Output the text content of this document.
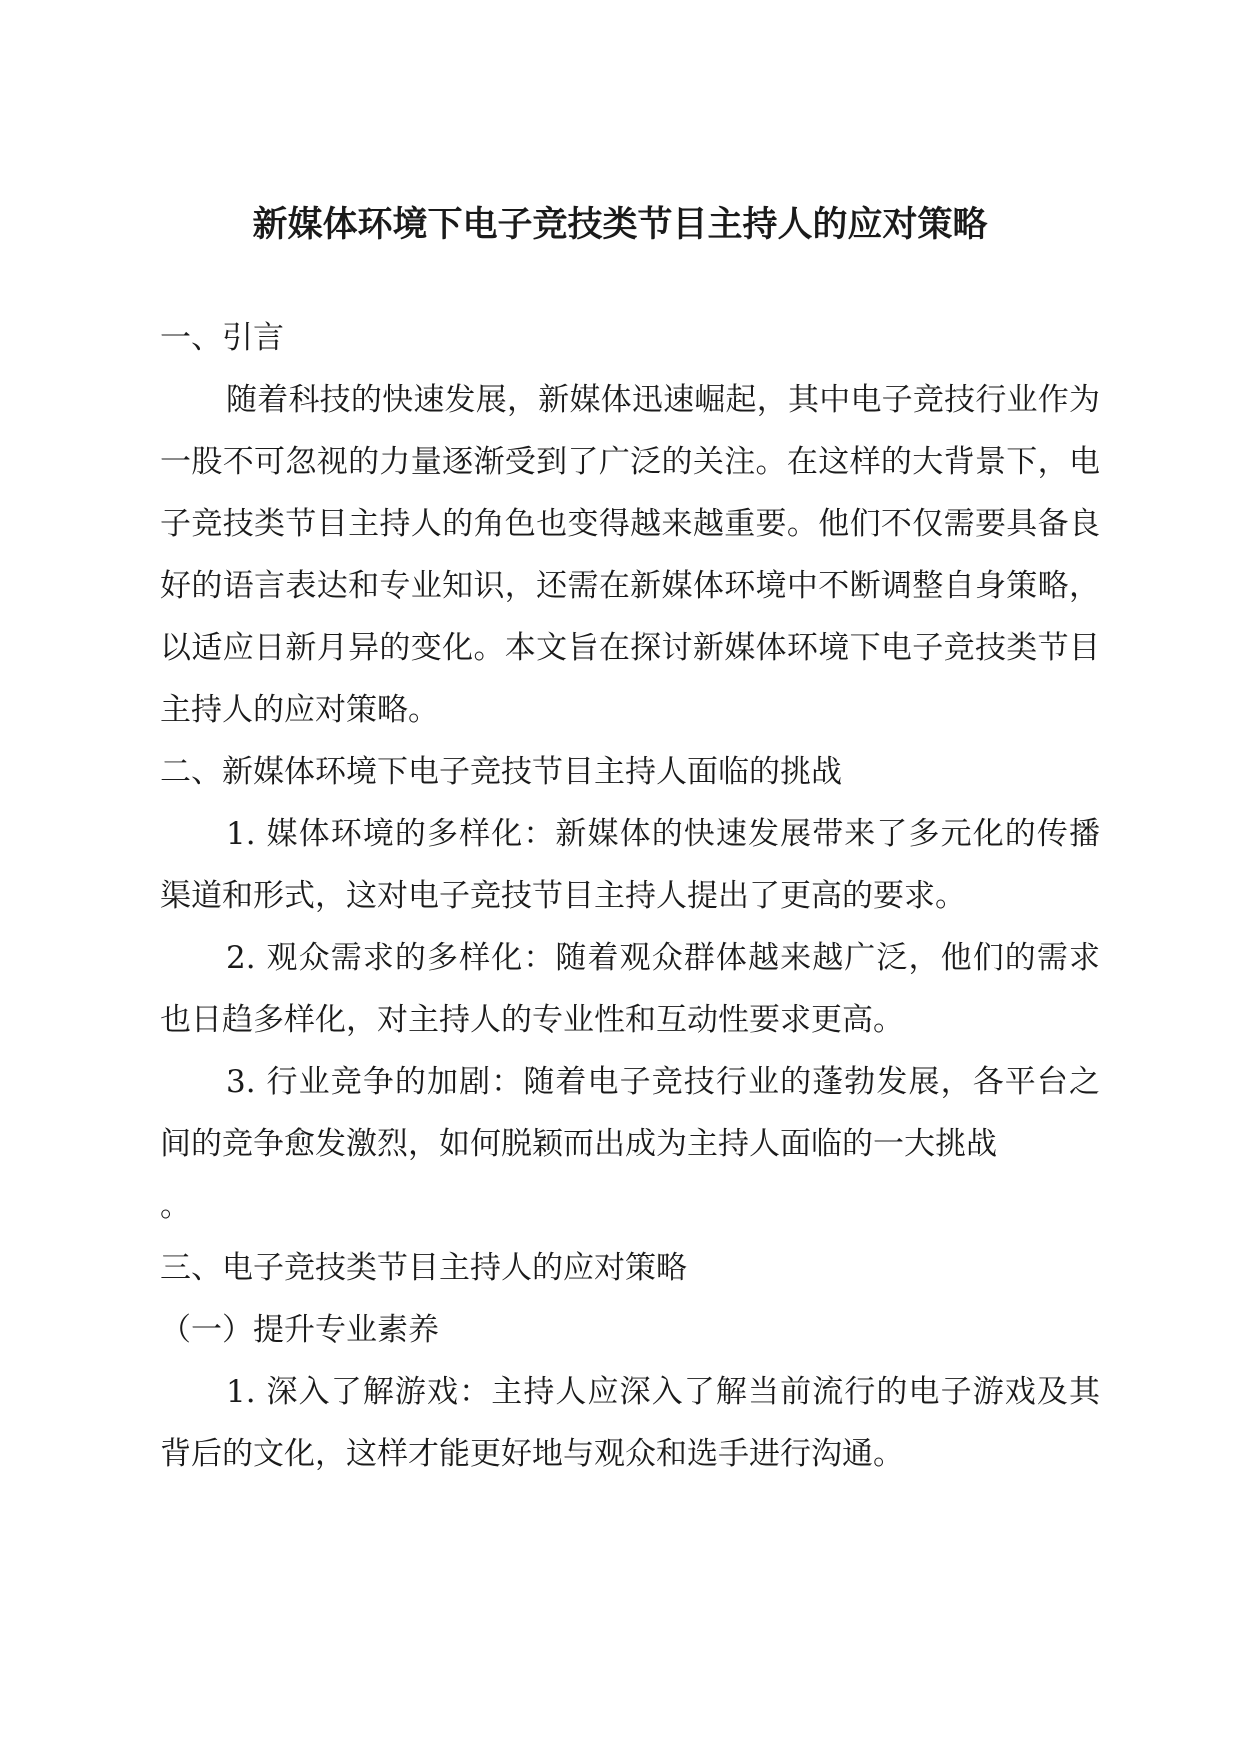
新媒体环境下电子竞技类节目主持人的应对策略

一、引言

随着科技的快速发展，新媒体迅速崛起，其中电子竞技行业作为一股不可忽视的力量逐渐受到了广泛的关注。在这样的大背景下，电子竞技类节目主持人的角色也变得越来越重要。他们不仅需要具备良好的语言表达和专业知识，还需在新媒体环境中不断调整自身策略，以适应日新月异的变化。本文旨在探讨新媒体环境下电子竞技类节目主持人的应对策略。

二、新媒体环境下电子竞技节目主持人面临的挑战

1. 媒体环境的多样化：新媒体的快速发展带来了多元化的传播渠道和形式，这对电子竞技节目主持人提出了更高的要求。

2. 观众需求的多样化：随着观众群体越来越广泛，他们的需求也日趋多样化，对主持人的专业性和互动性要求更高。

3. 行业竞争的加剧：随着电子竞技行业的蓬勃发展，各平台之间的竞争愈发激烈，如何脱颖而出成为主持人面临的一大挑战

。

三、电子竞技类节目主持人的应对策略

（一）提升专业素养

1. 深入了解游戏：主持人应深入了解当前流行的电子游戏及其背后的文化，这样才能更好地与观众和选手进行沟通。
